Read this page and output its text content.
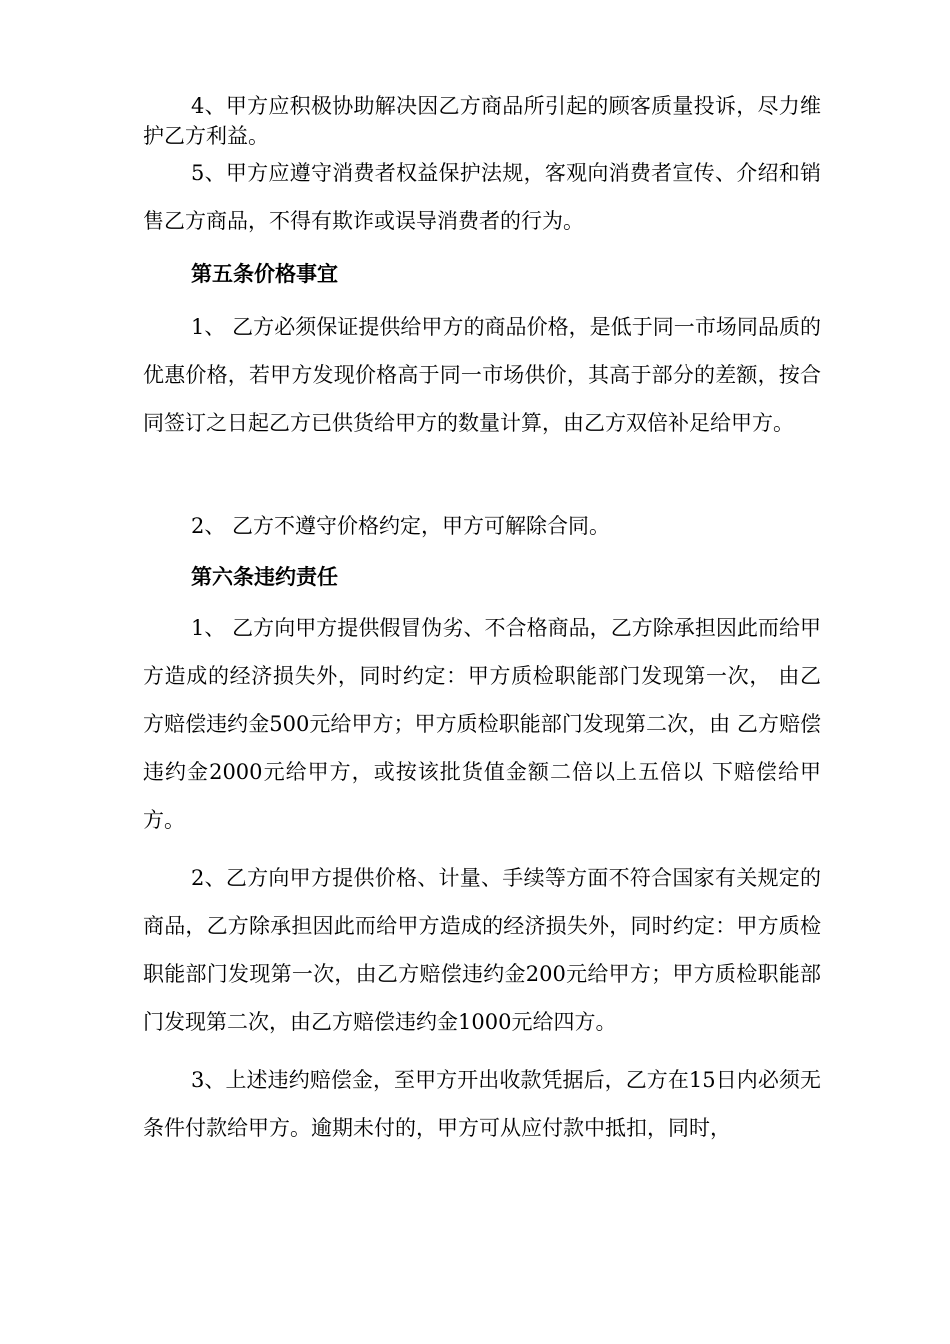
4、甲方应积极协助解决因乙方商品所引起的顾客质量投诉，尽力维护乙方利益。

5、甲方应遵守消费者权益保护法规，客观向消费者宣传、介绍和销售乙方商品，不得有欺诈或误导消费者的行为。

第五条价格事宜

1、 乙方必须保证提供给甲方的商品价格，是低于同一市场同品质的优惠价格，若甲方发现价格高于同一市场供价，其高于部分的差额，按合同签订之日起乙方已供货给甲方的数量计算，由乙方双倍补足给甲方。

2、 乙方不遵守价格约定，甲方可解除合同。

第六条违约责任

1、 乙方向甲方提供假冒伪劣、不合格商品，乙方除承担因此而给甲方造成的经济损失外，同时约定：甲方质检职能部门发现第一次， 由乙方赔偿违约金500元给甲方；甲方质检职能部门发现第二次，由 乙方赔偿违约金2000元给甲方，或按该批货值金额二倍以上五倍以 下赔偿给甲方。

2、乙方向甲方提供价格、计量、手续等方面不符合国家有关规定的商品，乙方除承担因此而给甲方造成的经济损失外，同时约定：甲方质检职能部门发现第一次，由乙方赔偿违约金200元给甲方；甲方质检职能部门发现第二次，由乙方赔偿违约金1000元给四方。

3、上述违约赔偿金，至甲方开出收款凭据后，乙方在15日内必须无条件付款给甲方。逾期未付的，甲方可从应付款中抵扣，同时，
